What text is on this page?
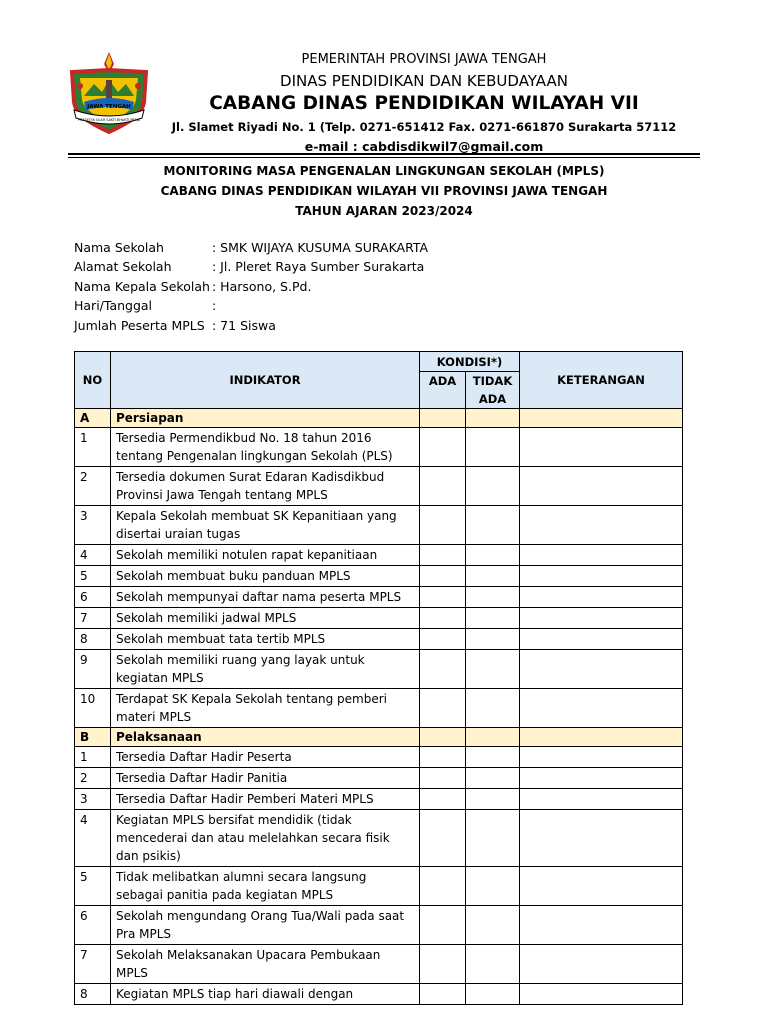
JAWA TENGAH
PRASETYA ULAH SAKTI BHAKTI PRAJA
PEMERINTAH PROVINSI JAWA TENGAH
DINAS PENDIDIKAN DAN KEBUDAYAAN
CABANG DINAS PENDIDIKAN WILAYAH VII
Jl. Slamet Riyadi No. 1 (Telp. 0271-651412 Fax. 0271-661870 Surakarta 57112
e-mail : cabdisdikwil7@gmail.com
MONITORING MASA PENGENALAN LINGKUNGAN SEKOLAH (MPLS)
CABANG DINAS PENDIDIKAN WILAYAH VII PROVINSI JAWA TENGAH
TAHUN AJARAN 2023/2024
Nama Sekolah	: SMK WIJAYA KUSUMA SURAKARTA
Alamat Sekolah	: Jl. Pleret Raya Sumber Surakarta
Nama Kepala Sekolah : Harsono, S.Pd.
Hari/Tanggal	:
Jumlah Peserta MPLS : 71 Siswa
NO	INDIKATOR	KONDISI*)		KETERANGAN
		ADA	TIDAK ADA	
A	Persiapan			
1	Tersedia Permendikbud No. 18 tahun 2016 tentang Pengenalan lingkungan Sekolah (PLS)			
2	Tersedia dokumen Surat Edaran Kadisdikbud Provinsi Jawa Tengah tentang MPLS			
3	Kepala Sekolah membuat SK Kepanitiaan yang disertai uraian tugas			
4	Sekolah memiliki notulen rapat kepanitiaan			
5	Sekolah membuat buku panduan MPLS			
6	Sekolah mempunyai daftar nama peserta MPLS			
7	Sekolah memiliki jadwal MPLS			
8	Sekolah membuat tata tertib MPLS			
9	Sekolah memiliki ruang yang layak untuk kegiatan MPLS			
10	Terdapat SK Kepala Sekolah tentang pemberi materi MPLS			
B	Pelaksanaan			
1	Tersedia Daftar Hadir Peserta			
2	Tersedia Daftar Hadir Panitia			
3	Tersedia Daftar Hadir Pemberi Materi MPLS			
4	Kegiatan MPLS bersifat mendidik (tidak mencederai dan atau melelahkan secara fisik dan psikis)			
5	Tidak melibatkan alumni secara langsung sebagai panitia pada kegiatan MPLS			
6	Sekolah mengundang Orang Tua/Wali pada saat Pra MPLS			
7	Sekolah Melaksanakan Upacara Pembukaan MPLS			
8	Kegiatan MPLS tiap hari diawali dengan			
